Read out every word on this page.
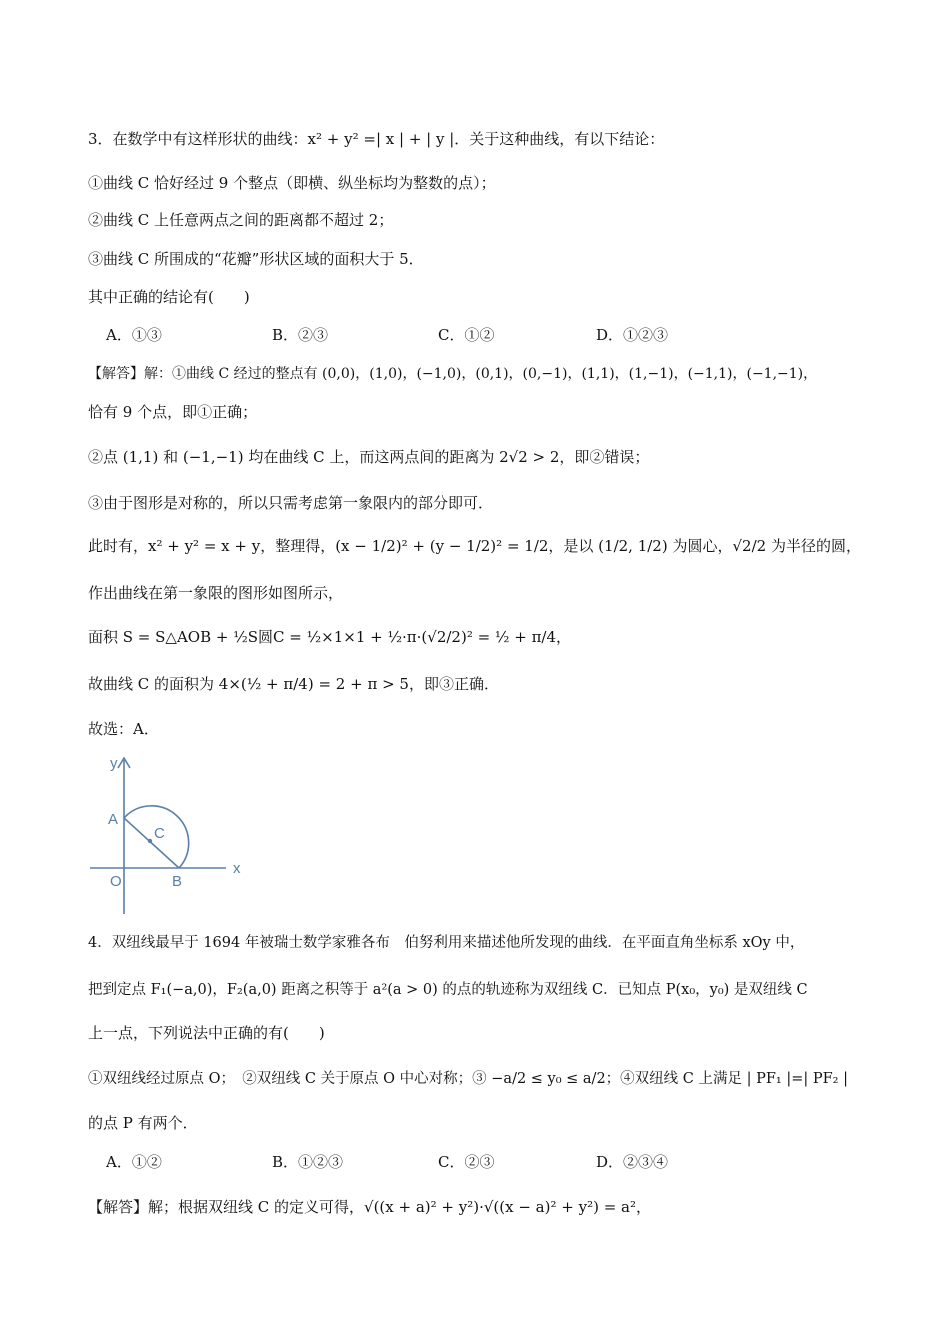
3．在数学中有这样形状的曲线：x² + y² =| x | + | y |．关于这种曲线，有以下结论：
①曲线 C 恰好经过 9 个整点（即横、纵坐标均为整数的点）；
②曲线 C 上任意两点之间的距离都不超过 2；
③曲线 C 所围成的“花瓣”形状区域的面积大于 5．
其中正确的结论有(　　)
A．①③	B．②③	C．①②	D．①②③
【解答】解：①曲线 C 经过的整点有 (0,0)，(1,0)，(−1,0)，(0,1)，(0,−1)，(1,1)，(1,−1)，(−1,1)，(−1,−1)，
恰有 9 个点，即①正确；
②点 (1,1) 和 (−1,−1) 均在曲线 C 上，而这两点间的距离为 2√2 > 2，即②错误；
③由于图形是对称的，所以只需考虑第一象限内的部分即可．
此时有，x² + y² = x + y，整理得，(x − 1/2)² + (y − 1/2)² = 1/2，是以 (1/2, 1/2) 为圆心，√2/2 为半径的圆，
作出曲线在第一象限的图形如图所示，
面积 S = S△AOB + ½S圆C = ½×1×1 + ½·π·(√2/2)² = ½ + π/4，
故曲线 C 的面积为 4×(½ + π/4) = 2 + π > 5，即③正确．
故选：A．
y
x
A
B
C
O
4．双纽线最早于 1694 年被瑞士数学家雅各布　伯努利用来描述他所发现的曲线．在平面直角坐标系 xOy 中，
把到定点 F₁(−a,0)，F₂(a,0) 距离之积等于 a²(a > 0) 的点的轨迹称为双纽线 C．已知点 P(x₀，y₀) 是双纽线 C
上一点，下列说法中正确的有(　　)
①双纽线经过原点 O；　②双纽线 C 关于原点 O 中心对称；③ −a/2 ≤ y₀ ≤ a/2；④双纽线 C 上满足 | PF₁ |=| PF₂ |
的点 P 有两个．
A．①②	B．①②③	C．②③	D．②③④
【解答】解；根据双纽线 C 的定义可得，√((x + a)² + y²)·√((x − a)² + y²) = a²，
